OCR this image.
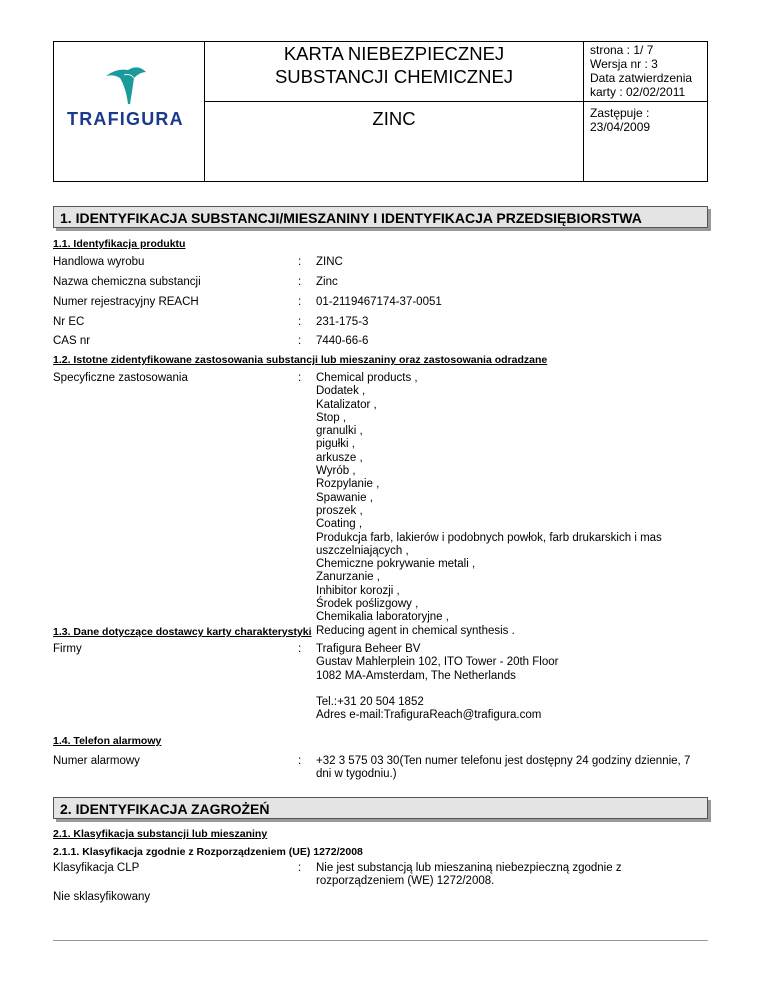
TRAFIGURA
KARTA NIEBEZPIECZNEJ
SUBSTANCJI CHEMICZNEJ
ZINC
strona : 1/ 7
Wersja nr : 3
Data zatwierdzenia
karty : 02/02/2011
Zastępuje :
23/04/2009
1. IDENTYFIKACJA SUBSTANCJI/MIESZANINY I IDENTYFIKACJA PRZEDSIĘBIORSTWA
1.1. Identyfikacja produktu
Handlowa wyrobu	: ZINC
Nazwa chemiczna substancji	: Zinc
Numer rejestracyjny REACH	: 01-2119467174-37-0051
Nr EC	: 231-175-3
CAS nr	: 7440-66-6
1.2. Istotne zidentyfikowane zastosowania substancji lub mieszaniny oraz zastosowania odradzane
Specyficzne zastosowania	: Chemical products ,
Dodatek ,
Katalizator ,
Stop ,
granulki ,
pigułki ,
arkusze ,
Wyrób ,
Rozpylanie ,
Spawanie ,
proszek ,
Coating ,
Produkcja farb, lakierów i podobnych powłok, farb drukarskich i mas
uszczelniających ,
Chemiczne pokrywanie metali ,
Zanurzanie ,
Inhibitor korozji ,
Środek poślizgowy ,
Chemikalia laboratoryjne ,
Reducing agent in chemical synthesis .
1.3. Dane dotyczące dostawcy karty charakterystyki
Firmy	: Trafigura Beheer BV
Gustav Mahlerplein 102, ITO Tower - 20th Floor
1082 MA-Amsterdam, The Netherlands
Tel.:+31 20 504 1852
Adres e-mail:TrafiguraReach@trafigura.com
1.4. Telefon alarmowy
Numer alarmowy	: +32 3 575 03 30(Ten numer telefonu jest dostępny 24 godziny dziennie, 7
dni w tygodniu.)
2. IDENTYFIKACJA ZAGROŻEŃ
2.1. Klasyfikacja substancji lub mieszaniny
2.1.1. Klasyfikacja zgodnie z Rozporządzeniem (UE) 1272/2008
Klasyfikacja CLP	: Nie jest substancją lub mieszaniną niebezpieczną zgodnie z
rozporządzeniem (WE) 1272/2008.
Nie sklasyfikowany
